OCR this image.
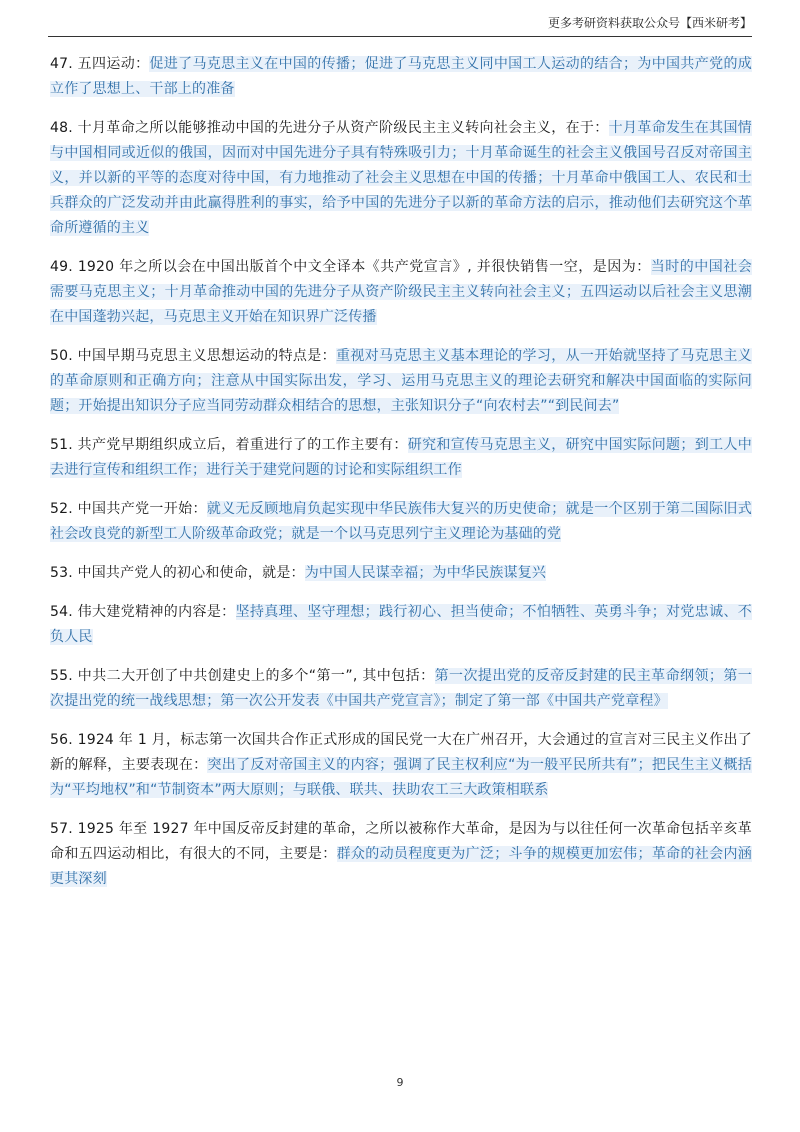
更多考研资料获取公众号【西米研考】

47. 五四运动：促进了马克思主义在中国的传播；促进了马克思主义同中国工人运动的结合；为中国共产党的成立作了思想上、干部上的准备

48. 十月革命之所以能够推动中国的先进分子从资产阶级民主主义转向社会主义，在于：十月革命发生在其国情与中国相同或近似的俄国，因而对中国先进分子具有特殊吸引力；十月革命诞生的社会主义俄国号召反对帝国主义，并以新的平等的态度对待中国，有力地推动了社会主义思想在中国的传播；十月革命中俄国工人、农民和士兵群众的广泛发动并由此赢得胜利的事实，给予中国的先进分子以新的革命方法的启示，推动他们去研究这个革命所遵循的主义

49. 1920 年之所以会在中国出版首个中文全译本《共产党宣言》, 并很快销售一空，是因为：当时的中国社会需要马克思主义；十月革命推动中国的先进分子从资产阶级民主主义转向社会主义；五四运动以后社会主义思潮在中国蓬勃兴起，马克思主义开始在知识界广泛传播

50. 中国早期马克思主义思想运动的特点是：重视对马克思主义基本理论的学习，从一开始就坚持了马克思主义的革命原则和正确方向；注意从中国实际出发，学习、运用马克思主义的理论去研究和解决中国面临的实际问题；开始提出知识分子应当同劳动群众相结合的思想，主张知识分子“向农村去”“到民间去”

51. 共产党早期组织成立后，着重进行了的工作主要有：研究和宣传马克思主义，研究中国实际问题；到工人中去进行宣传和组织工作；进行关于建党问题的讨论和实际组织工作

52. 中国共产党一开始：就义无反顾地肩负起实现中华民族伟大复兴的历史使命；就是一个区别于第二国际旧式社会改良党的新型工人阶级革命政党；就是一个以马克思列宁主义理论为基础的党

53. 中国共产党人的初心和使命，就是：为中国人民谋幸福；为中华民族谋复兴

54. 伟大建党精神的内容是：坚持真理、坚守理想；践行初心、担当使命；不怕牺牲、英勇斗争；对党忠诚、不负人民

55. 中共二大开创了中共创建史上的多个“第一”, 其中包括：第一次提出党的反帝反封建的民主革命纲领；第一次提出党的统一战线思想；第一次公开发表《中国共产党宣言》；制定了第一部《中国共产党章程》

56. 1924 年 1 月，标志第一次国共合作正式形成的国民党一大在广州召开，大会通过的宣言对三民主义作出了新的解释，主要表现在：突出了反对帝国主义的内容；强调了民主权利应“为一般平民所共有”；把民生主义概括为“平均地权”和“节制资本”两大原则；与联俄、联共、扶助农工三大政策相联系

57. 1925 年至 1927 年中国反帝反封建的革命，之所以被称作大革命，是因为与以往任何一次革命包括辛亥革命和五四运动相比，有很大的不同，主要是：群众的动员程度更为广泛；斗争的规模更加宏伟；革命的社会内涵更其深刻

9
